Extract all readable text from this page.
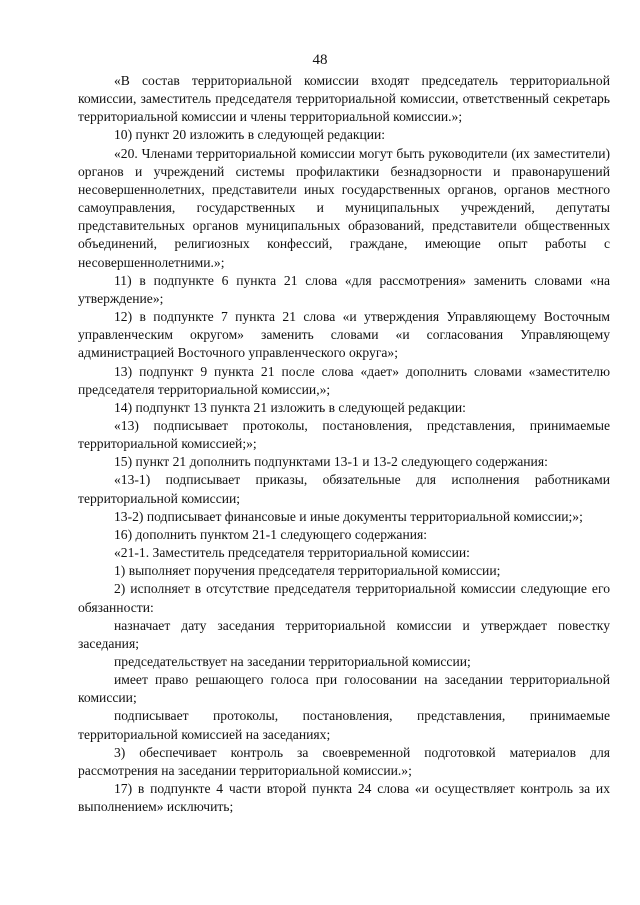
48

«В состав территориальной комиссии входят председатель территориальной комиссии, заместитель председателя территориальной комиссии, ответственный секретарь территориальной комиссии и члены территориальной комиссии.»;

10) пункт 20 изложить в следующей редакции:

«20. Членами территориальной комиссии могут быть руководители (их заместители) органов и учреждений системы профилактики безнадзорности и правонарушений несовершеннолетних, представители иных государственных органов, органов местного самоуправления, государственных и муниципальных учреждений, депутаты представительных органов муниципальных образований, представители общественных объединений, религиозных конфессий, граждане, имеющие опыт работы с несовершеннолетними.»;

11) в подпункте 6 пункта 21 слова «для рассмотрения» заменить словами «на утверждение»;

12) в подпункте 7 пункта 21 слова «и утверждения Управляющему Восточным управленческим округом» заменить словами «и согласования Управляющему администрацией Восточного управленческого округа»;

13) подпункт 9 пункта 21 после слова «дает» дополнить словами «заместителю председателя территориальной комиссии,»;

14) подпункт 13 пункта 21 изложить в следующей редакции:

«13) подписывает протоколы, постановления, представления, принимаемые территориальной комиссией;»;

15) пункт 21 дополнить подпунктами 13-1 и 13-2 следующего содержания:

«13-1) подписывает приказы, обязательные для исполнения работниками территориальной комиссии;

13-2) подписывает финансовые и иные документы территориальной комиссии;»;

16) дополнить пунктом 21-1 следующего содержания:

«21-1. Заместитель председателя территориальной комиссии:

1) выполняет поручения председателя территориальной комиссии;

2) исполняет в отсутствие председателя территориальной комиссии следующие его обязанности:

назначает дату заседания территориальной комиссии и утверждает повестку заседания;

председательствует на заседании территориальной комиссии;

имеет право решающего голоса при голосовании на заседании территориальной комиссии;

подписывает протоколы, постановления, представления, принимаемые территориальной комиссией на заседаниях;

3) обеспечивает контроль за своевременной подготовкой материалов для рассмотрения на заседании территориальной комиссии.»;

17) в подпункте 4 части второй пункта 24 слова «и осуществляет контроль за их выполнением» исключить;
